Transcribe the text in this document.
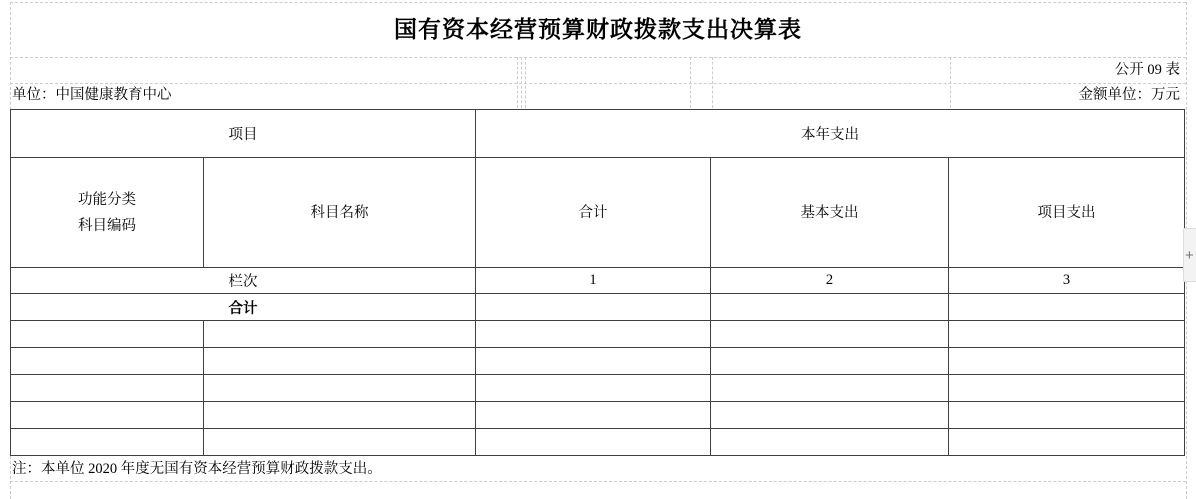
国有资本经营预算财政拨款支出决算表
公开 09 表
单位：中国健康教育中心	金额单位：万元
项目		本年支出		

功能分类
科目编码	科目名称	合计	基本支出	项目支出
栏次		1	2	3
合计				

注：本单位 2020 年度无国有资本经营预算财政拨款支出。
+
